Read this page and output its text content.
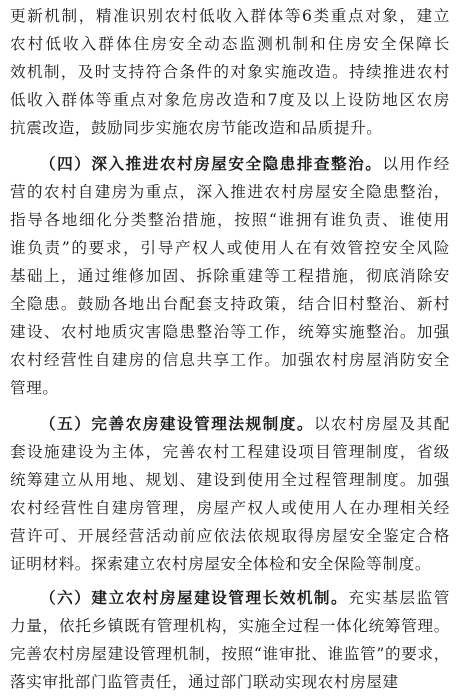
更新机制，精准识别农村低收入群体等6类重点对象，建立
农村低收入群体住房安全动态监测机制和住房安全保障长
效机制，及时支持符合条件的对象实施改造。持续推进农村
低收入群体等重点对象危房改造和7度及以上设防地区农房
抗震改造，鼓励同步实施农房节能改造和品质提升。
（四）深入推进农村房屋安全隐患排查整治。以用作经
营的农村自建房为重点，深入推进农村房屋安全隐患整治，
指导各地细化分类整治措施，按照“谁拥有谁负责、谁使用
谁负责”的要求，引导产权人或使用人在有效管控安全风险
基础上，通过维修加固、拆除重建等工程措施，彻底消除安
全隐患。鼓励各地出台配套支持政策，结合旧村整治、新村
建设、农村地质灾害隐患整治等工作，统筹实施整治。加强
农村经营性自建房的信息共享工作。加强农村房屋消防安全
管理。
（五）完善农房建设管理法规制度。以农村房屋及其配
套设施建设为主体，完善农村工程建设项目管理制度，省级
统筹建立从用地、规划、建设到使用全过程管理制度。加强
农村经营性自建房管理，房屋产权人或使用人在办理相关经
营许可、开展经营活动前应依法依规取得房屋安全鉴定合格
证明材料。探索建立农村房屋安全体检和安全保险等制度。
（六）建立农村房屋建设管理长效机制。充实基层监管
力量，依托乡镇既有管理机构，实施全过程一体化统筹管理。
完善农村房屋建设管理机制，按照“谁审批、谁监管”的要求，
落实审批部门监管责任，通过部门联动实现农村房屋建
